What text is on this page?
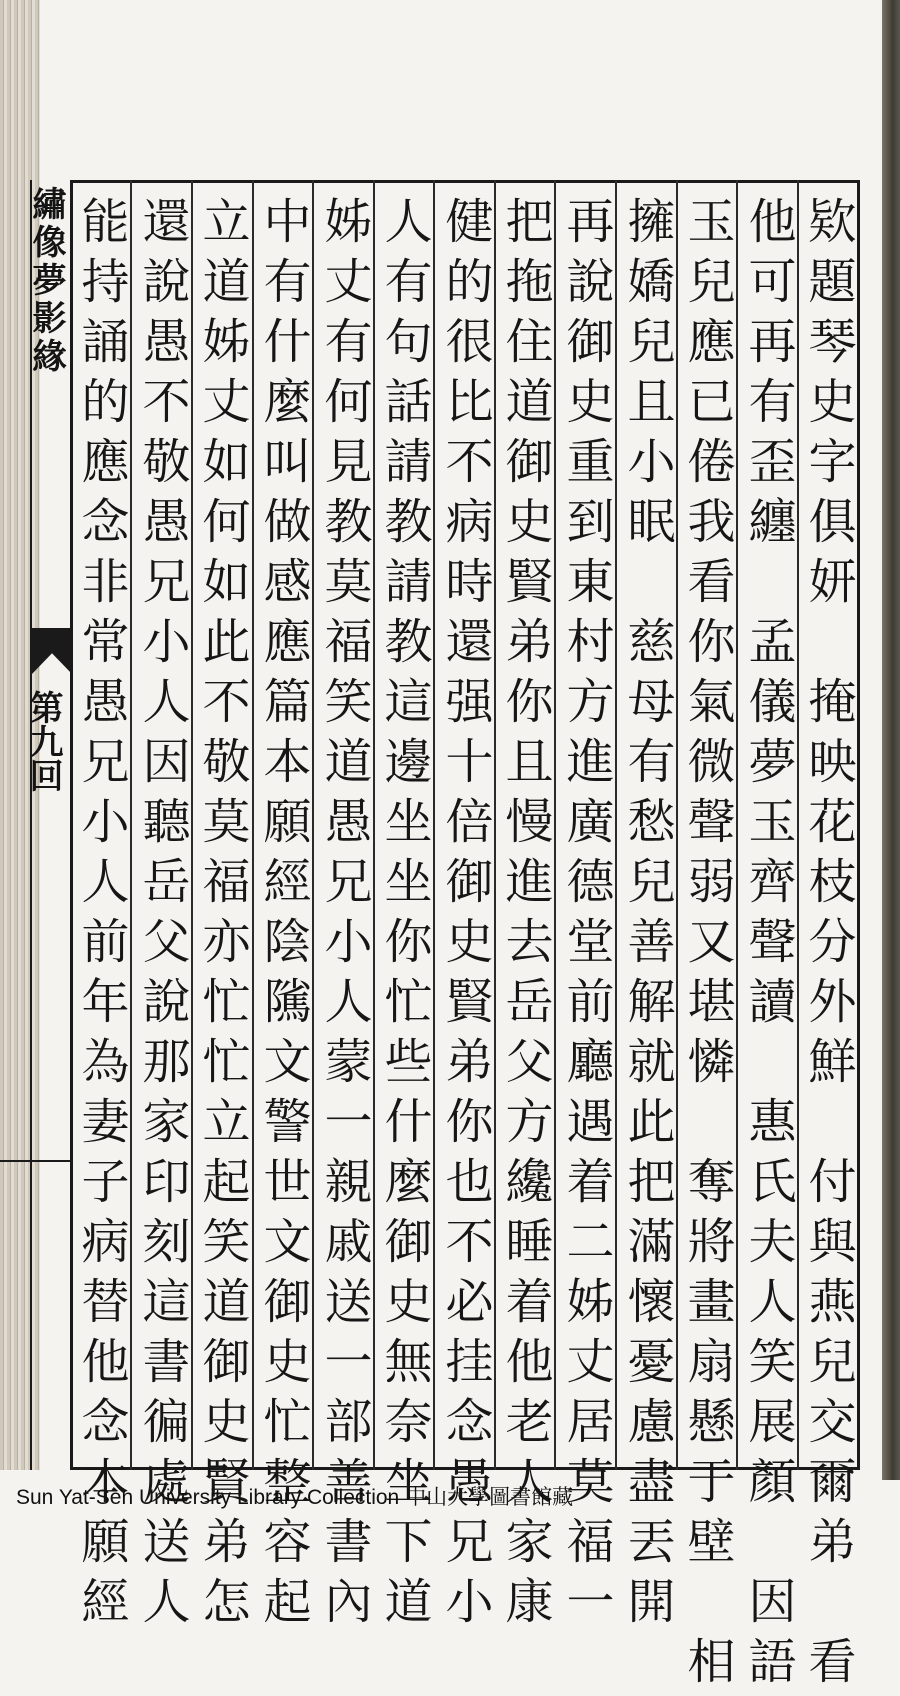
繡像夢影緣
第九回	欵題琴史字俱妍　掩映花枝分外鮮　付與燕兒交爾弟　看
他可再有歪纏　孟儀夢玉齊聲讀　惠氏夫人笑展顏　因語
玉兒應已倦我看你氣微聲弱又堪憐　奪將畫扇懸于壁　相
擁嬌兒且小眠　慈母有愁兒善解就此把滿懷憂慮盡丟開
再說御史重到東村方進廣德堂前廳遇着二姊丈居莫福一
把拖住道御史賢弟你且慢進去岳父方纔睡着他老人家康
健的很比不病時還强十倍御史賢弟你也不必挂念愚兄小
人有句話請教請教這邊坐坐你忙些什麼御史無奈坐下道
姊丈有何見教莫福笑道愚兄小人蒙一親戚送一部善書內
中有什麼叫做感應篇本願經陰隲文警世文御史忙整容起
立道姊丈如何如此不敬莫福亦忙忙立起笑道御史賢弟怎
還說愚不敬愚兄小人因聽岳父說那家印刻這書徧處送人
能持誦的應念非常愚兄小人前年為妻子病替他念本願經
Sun Yat-Sen University Library Collection 中山大學圖書館藏
